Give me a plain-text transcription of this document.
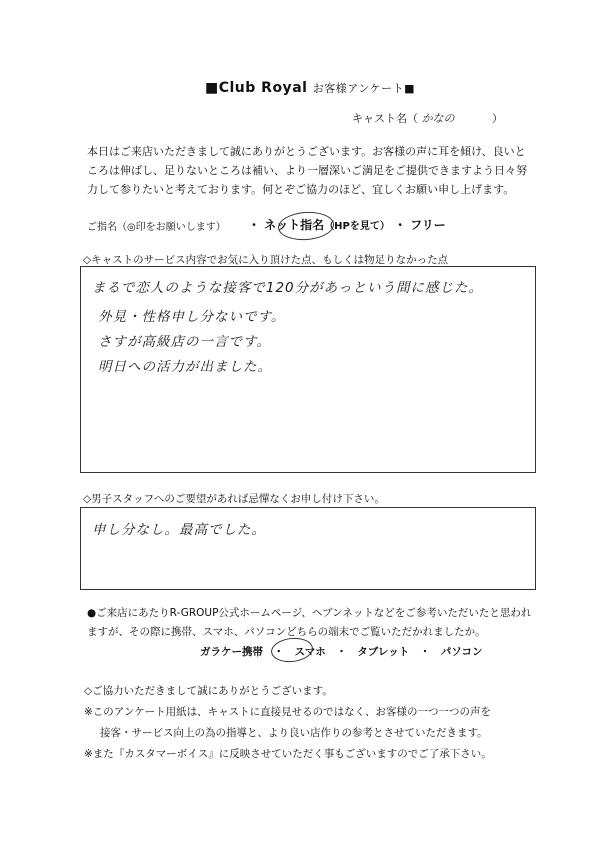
■Club Royal お客様アンケート■
キャスト名（ かなの	）
本日はご来店いただきまして誠にありがとうございます。お客様の声に耳を傾け、良いところは伸ばし、足りないところは補い、より一層深いご満足をご提供できますよう日々努力して参りたいと考えております。何とぞご協力のほど、宜しくお願い申し上げます。
ご指名（◎印をお願いします） ・ ネット指名（HPを見て） ・ フリー
◇キャストのサービス内容でお気に入り頂けた点、もしくは物足りなかった点
まるで恋人のような接客で120分があっという間に感じた。
外見・性格申し分ないです。
さすが高級店の一言です。
明日への活力が出ました。
◇男子スタッフへのご要望があれば忌憚なくお申し付け下さい。
申し分なし。最高でした。
●ご来店にあたりR-GROUP公式ホームページ、ヘブンネットなどをご参考いただいたと思われますが、その際に携帯、スマホ、パソコンどちらの端末でご覧いただかれましたか。
ガラケー携帯　・　スマホ　・　タブレット　・　パソコン
◇ご協力いただきまして誠にありがとうございます。
※このアンケート用紙は、キャストに直接見せるのではなく、お客様の一つ一つの声を
接客・サービス向上の為の指導と、より良い店作りの参考とさせていただきます。
※また『カスタマーボイス』に反映させていただく事もございますのでご了承下さい。
